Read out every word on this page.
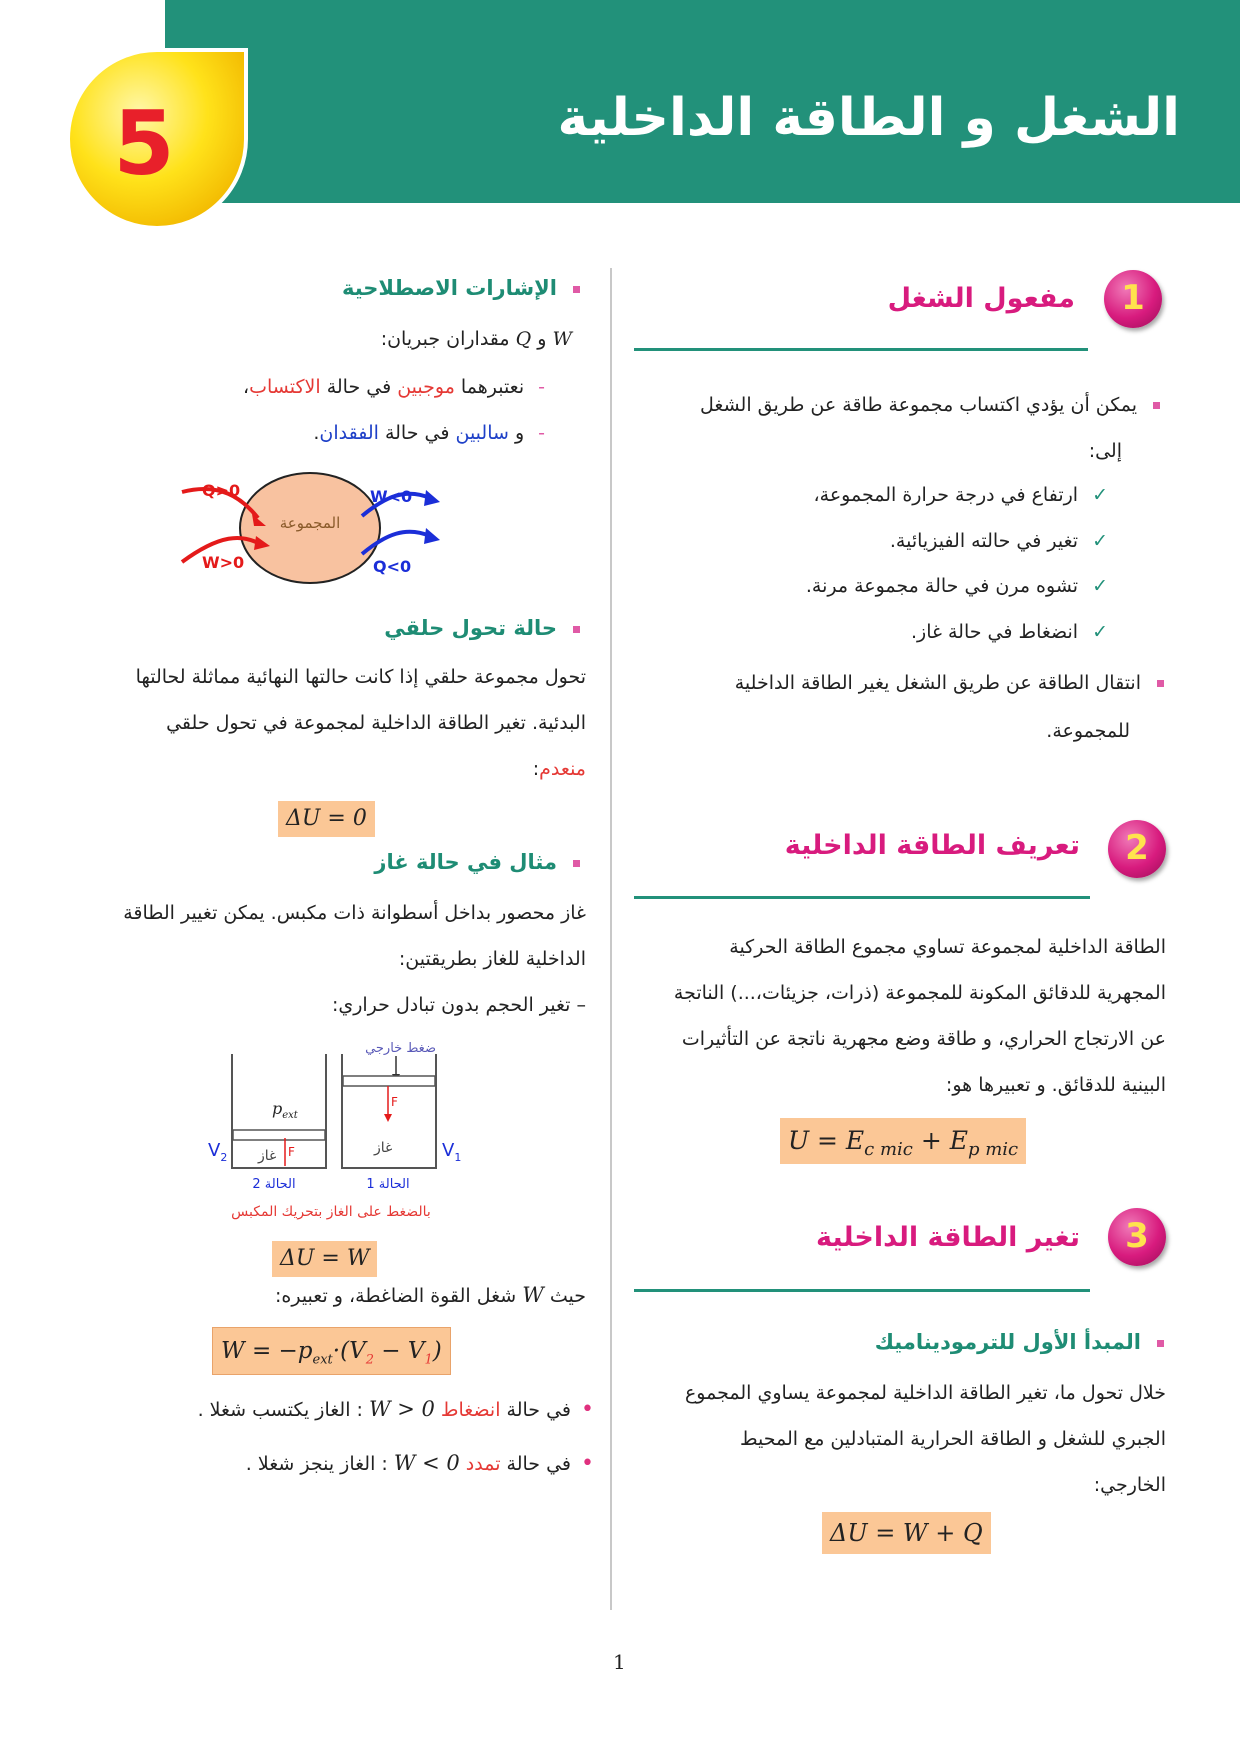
الشغل و الطاقة الداخلية
5
1
مفعول الشغل
يمكن أن يؤدي اكتساب مجموعة طاقة عن طريق الشغل
إلى:
✓ارتفاع في درجة حرارة المجموعة،
✓تغير في حالته الفيزيائية.
✓تشوه مرن في حالة مجموعة مرنة.
✓انضغاط في حالة غاز.
انتقال الطاقة عن طريق الشغل يغير الطاقة الداخلية
للمجموعة.
2
تعريف الطاقة الداخلية
الطاقة الداخلية لمجموعة تساوي مجموع الطاقة الحركية
المجهرية للدقائق المكونة للمجموعة (ذرات، جزيئات،...) الناتجة
عن الارتجاج الحراري، و طاقة وضع مجهرية ناتجة عن التأثيرات
البينية للدقائق. و تعبيرها هو:
$U = E_{c mic} + E_{p mic}$
3
تغير الطاقة الداخلية
المبدأ الأول للترموديناميك
خلال تحول ما، تغير الطاقة الداخلية لمجموعة يساوي المجموع
الجبري للشغل و الطاقة الحرارية المتبادلين مع المحيط
الخارجي:
ΔU = W + Q
الإشارات الاصطلاحية
W و Q مقداران جبريان:
-نعتبرهما موجبين في حالة الاكتساب،
-و سالبين في حالة الفقدان.
المجموعة
Q>0
W>0
W<0
Q<0
حالة تحول حلقي
تحول مجموعة حلقي إذا كانت حالتها النهائية مماثلة لحالتها
البدئية. تغير الطاقة الداخلية لمجموعة في تحول حلقي
منعدم:
ΔU = 0
مثال في حالة غاز
غاز محصور بداخل أسطوانة ذات مكبس. يمكن تغيير الطاقة
الداخلية للغاز بطريقتين:
– تغير الحجم بدون تبادل حراري:
ضغط خارجي
$p_{ext}$
غاز F
F
غاز
$V_2$	$V_1$
الحالة 2	الحالة 1
بالضغط على الغاز بتحريك المكبس
ΔU = W
حيث W شغل القوة الضاغطة، و تعبيره:
$W = -p_{ext}\cdot(V_2 - V_1)$
•في حالة انضغاط W > 0 : الغاز يكتسب شغلا .
•في حالة تمدد W < 0 : الغاز ينجز شغلا .
1
